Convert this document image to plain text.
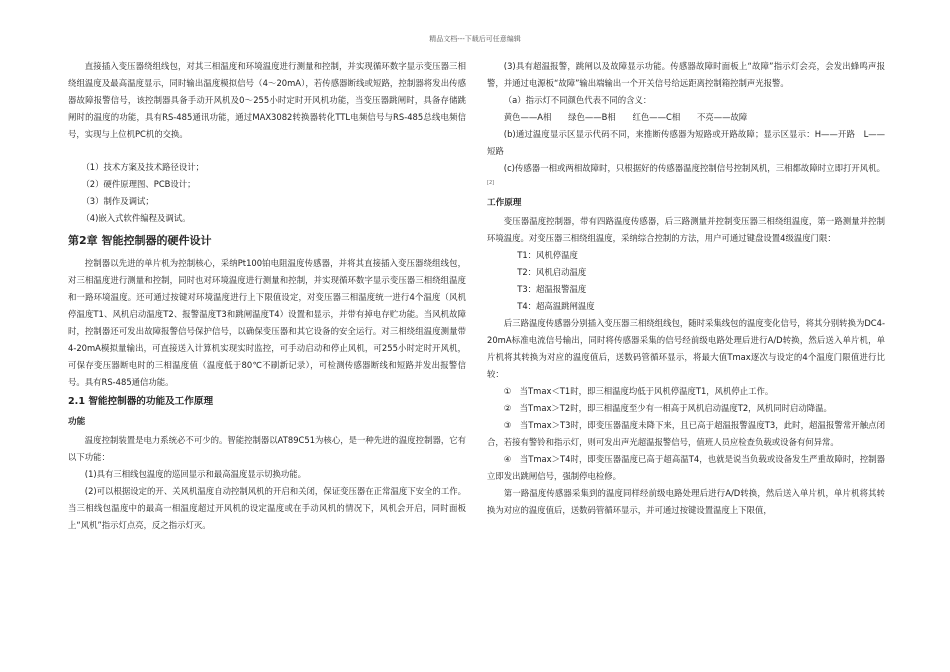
精品文档---下载后可任意编辑

直接插入变压器绕组线包，对其三相温度和环境温度进行测量和控制，并实现循环数字显示变压器三相绕组温度及最高温度显示，同时输出温度模拟信号（4～20mA），若传感器断线或短路，控制器将发出传感器故障报警信号，该控制器具备手动开风机及0～255小时定时开风机功能，当变压器跳闸时，具备存储跳闸时的温度的功能，具有RS-485通讯功能，通过MAX3082转换器转化TTL电频信号与RS-485总线电频信号，实现与上位机PC机的交换。

（1）技术方案及技术路径设计；

（2）硬件原理图、PCB设计；

（3）制作及调试；

（4)嵌入式软件编程及调试。

第2章 智能控制器的硬件设计

控制器以先进的单片机为控制核心，采纳Pt100铂电阻温度传感器，并将其直接插入变压器绕组线包，对三相温度进行测量和控制，同时也对环境温度进行测量和控制，并实现循环数字显示变压器三相绕组温度和一路环境温度。还可通过按键对环境温度进行上下限值设定，对变压器三相温度统一进行4个温度（风机停温度T1、风机启动温度T2、报警温度T3和跳闸温度T4）设置和显示，并带有掉电存贮功能。当风机故障时，控制器还可发出故障报警信号保护信号，以确保变压器和其它设备的安全运行。对三相绕组温度测量带4-20mA模拟量输出，可直接送入计算机实现实时监控，可手动启动和停止风机，可255小时定时开风机，可保存变压器断电时的三相温度值（温度低于80℃不刷新记录），可检测传感器断线和短路并发出报警信号。具有RS-485通信功能。

2.1 智能控制器的功能及工作原理

功能

温度控制装置是电力系统必不可少的。智能控制器以AT89C51为核心，是一种先进的温度控制器，它有以下功能：

(1)具有三相线包温度的巡回显示和最高温度显示切换功能。

(2)可以根据设定的开、关风机温度自动控制风机的开启和关闭，保证变压器在正常温度下安全的工作。当三相线包温度中的最高一相温度超过开风机的设定温度或在手动风机的情况下，风机会开启，同时面板上“风机”指示灯点亮，反之指示灯灭。

(3)具有超温报警，跳闸以及故障显示功能。传感器故障时面板上“故障”指示灯会亮，会发出蜂鸣声报警，并通过电源板“故障”输出端输出一个开关信号给远距离控制箱控制声光报警。

（a）指示灯不同颜色代表不同的含义：

黄色——A相　　绿色——B相　　红色——C相　　不亮——故障

(b)通过温度显示区显示代码不同，来推断传感器为短路或开路故障；显示区显示：H——开路　L——短路

(c)传感器一相或两相故障时，只根据好的传感器温度控制信号控制风机，三相都故障时立即打开风机。[2]

工作原理

变压器温度控制器，带有四路温度传感器，后三路测量并控制变压器三相绕组温度，第一路测量并控制环境温度。对变压器三相绕组温度，采纳综合控制的方法，用户可通过键盘设置4级温度门限：

T1：风机停温度

T2：风机启动温度

T3：超温报警温度

T4：超高温跳闸温度

后三路温度传感器分别插入变压器三相绕组线包，随时采集线包的温度变化信号，将其分别转换为DC4-20mA标准电流信号输出，同时将传感器采集的信号经前级电路处理后进行A/D转换，然后送入单片机，单片机将其转换为对应的温度值后，送数码管循环显示，将最大值Tmax逐次与设定的4个温度门限值进行比较：

①　当Tmax＜T1时，即三相温度均低于风机停温度T1，风机停止工作。

②　当Tmax＞T2时，即三相温度至少有一相高于风机启动温度T2，风机同时启动降温。

③　当Tmax＞T3时，即变压器温度未降下来，且已高于超温报警温度T3，此时，超温报警常开触点闭合，若接有警铃和指示灯，则可发出声光超温报警信号，值班人员应检查负载或设备有何异常。

④　当Tmax＞T4时，即变压器温度已高于超高温T4，也就是说当负载或设备发生严重故障时，控制器立即发出跳闸信号，强制停电检修。

第一路温度传感器采集到的温度同样经前级电路处理后进行A/D转换，然后送入单片机，单片机将其转换为对应的温度值后，送数码管循环显示，并可通过按键设置温度上下限值，
